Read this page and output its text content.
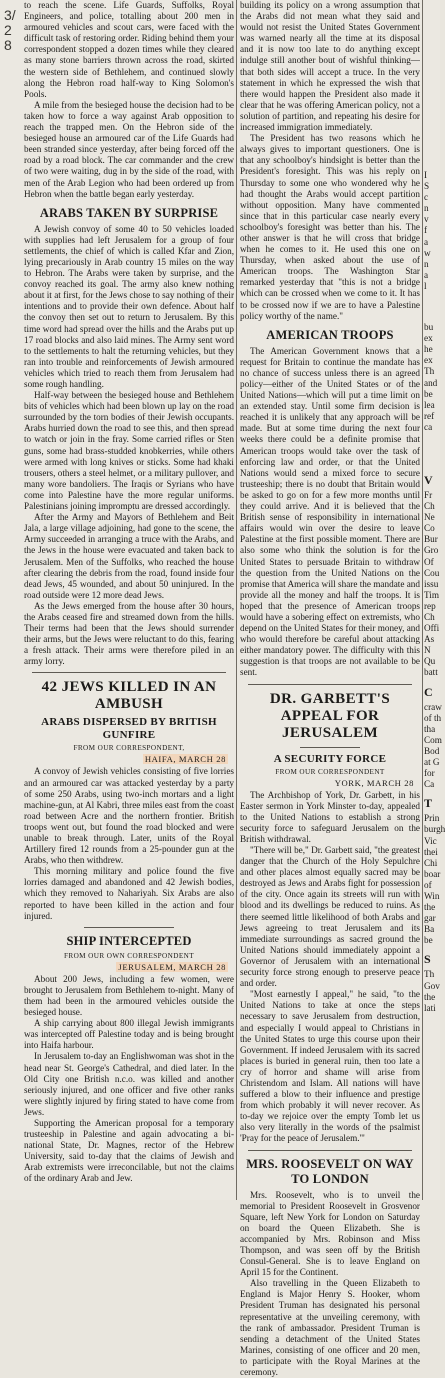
3/28

to reach the scene. Life Guards, Suffolks, Royal Engineers, and police, totalling about 200 men in armoured vehicles and scout cars, were faced with the difficult task of restoring order. Riding behind them your correspondent stopped a dozen times while they cleared as many stone barriers thrown across the road, skirted the western side of Bethlehem, and continued slowly along the Hebron road half-way to King Solomon's Pools.

A mile from the besieged house the decision had to be taken how to force a way against Arab opposition to reach the trapped men. On the Hebron side of the besieged house an armoured car of the Life Guards had been stranded since yesterday, after being forced off the road by a road block. The car commander and the crew of two were waiting, dug in by the side of the road, with men of the Arab Legion who had been ordered up from Hebron when the battle began early yesterday.

ARABS TAKEN BY SURPRISE

A Jewish convoy of some 40 to 50 vehicles loaded with supplies had left Jerusalem for a group of four settlements, the chief of which is called Kfar and Zion, lying precariously in Arab country 15 miles on the way to Hebron. The Arabs were taken by surprise, and the convoy reached its goal. The army also knew nothing about it at first, for the Jews chose to say nothing of their intentions and to provide their own defence. About half the convoy then set out to return to Jerusalem. By this time word had spread over the hills and the Arabs put up 17 road blocks and also laid mines. The Army sent word to the settlements to halt the returning vehicles, but they ran into trouble and reinforcements of Jewish armoured vehicles which tried to reach them from Jerusalem had some rough handling.

Half-way between the besieged house and Bethlehem bits of vehicles which had been blown up lay on the road surrounded by the torn bodies of their Jewish occupants. Arabs hurried down the road to see this, and then spread to watch or join in the fray. Some carried rifles or Sten guns, some had brass-studded knobkerries, while others were armed with long knives or sticks. Some had khaki trousers, others a steel helmet, or a military pullover, and many wore bandoliers. The Iraqis or Syrians who have come into Palestine have the more regular uniforms. Palestinians joining impromptu are dressed accordingly.

After the Army and Mayors of Bethlehem and Beit Jala, a large village adjoining, had gone to the scene, the Army succeeded in arranging a truce with the Arabs, and the Jews in the house were evacuated and taken back to Jerusalem. Men of the Suffolks, who reached the house after clearing the debris from the road, found inside four dead Jews, 45 wounded, and about 50 uninjured. In the road outside were 12 more dead Jews.

As the Jews emerged from the house after 30 hours, the Arabs ceased fire and streamed down from the hills. Their terms had been that the Jews should surrender their arms, but the Jews were reluctant to do this, fearing a fresh attack. Their arms were therefore piled in an army lorry.

42 JEWS KILLED IN AN AMBUSH
ARABS DISPERSED BY BRITISH GUNFIRE
FROM OUR CORRESPONDENT,
HAIFA, MARCH 28

A convoy of Jewish vehicles consisting of five lorries and an armoured car was attacked yesterday by a party of some 250 Arabs, using two-inch mortars and a light machine-gun, at Al Kabri, three miles east from the coast road between Acre and the northern frontier. British troops went out, but found the road blocked and were unable to break through. Later, units of the Royal Artillery fired 12 rounds from a 25-pounder gun at the Arabs, who then withdrew.

This morning military and police found the five lorries damaged and abandoned and 42 Jewish bodies, which they removed to Nahariyah. Six Arabs are also reported to have been killed in the action and four injured.

SHIP INTERCEPTED
FROM OUR OWN CORRESPONDENT
JERUSALEM, MARCH 28

About 200 Jews, including a few women, were brought to Jerusalem from Bethlehem to-night. Many of them had been in the armoured vehicles outside the besieged house.

A ship carrying about 800 illegal Jewish immigrants was intercepted off Palestine today and is being brought into Haifa harbour.

In Jerusalem to-day an Englishwoman was shot in the head near St. George's Cathedral, and died later. In the Old City one British n.c.o. was killed and another seriously injured, and one officer and five other ranks were slightly injured by firing stated to have come from Jews.

Supporting the American proposal for a temporary trusteeship in Palestine and again advocating a bi-national State, Dr. Magnes, rector of the Hebrew University, said to-day that the claims of Jewish and Arab extremists were irreconcilable, but not the claims of the ordinary Arab and Jew.

building its policy on a wrong assumption that the Arabs did not mean what they said and would not resist the United States Government was warned nearly all the time at its disposal and it is now too late to do anything except indulge still another bout of wishful thinking—that both sides will accept a truce. In the very statement in which he expressed the wish that there would happen the President also made it clear that he was offering American policy, not a solution of partition, and repeating his desire for increased immigration immediately.

The President has two reasons which he always gives to important questioners. One is that any schoolboy's hindsight is better than the President's foresight. This was his reply on Thursday to some one who wondered why he had thought the Arabs would accept partition without opposition. Many have commented since that in this particular case nearly every schoolboy's foresight was better than his. The other answer is that he will cross that bridge when he comes to it. He used this one on Thursday, when asked about the use of American troops. The Washington Star remarked yesterday that "this is not a bridge which can be crossed when we come to it. It has to be crossed now if we are to have a Palestine policy worthy of the name."

AMERICAN TROOPS

The American Government knows that a request for Britain to continue the mandate has no chance of success unless there is an agreed policy—either of the United States or of the United Nations—which will put a time limit on an extended stay. Until some firm decision is reached it is unlikely that any approach will be made. But at some time during the next four weeks there could be a definite promise that American troops would take over the task of enforcing law and order, or that the United Nations would send a mixed force to secure trusteeship; there is no doubt that Britain would be asked to go on for a few more months until they could arrive. And it is believed that the British sense of responsibility in international affairs would win over the desire to leave Palestine at the first possible moment. There are also some who think the solution is for the United States to persuade Britain to withdraw the question from the United Nations on the promise that America will share the mandate and provide all the money and half the troops. It is hoped that the presence of American troops would have a sobering effect on extremists, who depend on the United States for their money, and who would therefore be careful about attacking either mandatory power. The difficulty with this suggestion is that troops are not available to be sent.

DR. GARBETT'S APPEAL FOR JERUSALEM
A SECURITY FORCE
FROM OUR CORRESPONDENT
YORK, MARCH 28

The Archbishop of York, Dr. Garbett, in his Easter sermon in York Minster to-day, appealed to the United Nations to establish a strong security force to safeguard Jerusalem on the British withdrawal.

"There will be," Dr. Garbett said, "the greatest danger that the Church of the Holy Sepulchre and other places almost equally sacred may be destroyed as Jews and Arabs fight for possession of the city. Once again its streets will run with blood and its dwellings be reduced to ruins. As there seemed little likelihood of both Arabs and Jews agreeing to treat Jerusalem and its immediate surroundings as sacred ground the United Nations should immediately appoint a Governor of Jerusalem with an international security force strong enough to preserve peace and order.

"Most earnestly I appeal," he said, "to the United Nations to take at once the steps necessary to save Jerusalem from destruction, and especially I would appeal to Christians in the United States to urge this course upon their Government. If indeed Jerusalem with its sacred places is buried in general ruin, then too late a cry of horror and shame will arise from Christendom and Islam. All nations will have suffered a blow to their influence and prestige from which probably it will never recover. As to-day we rejoice over the empty Tomb let us also very literally in the words of the psalmist 'Pray for the peace of Jerusalem.'"

MRS. ROOSEVELT ON WAY TO LONDON

Mrs. Roosevelt, who is to unveil the memorial to President Roosevelt in Grosvenor Square, left New York for London on Saturday on board the Queen Elizabeth. She is accompanied by Mrs. Robinson and Miss Thompson, and was seen off by the British Consul-General. She is to leave England on April 15 for the Continent.

Also travelling in the Queen Elizabeth to England is Major Henry S. Hooker, whom President Truman has designated his personal representative at the unveiling ceremony, with the rank of ambassador. President Truman is sending a detachment of the United States Marines, consisting of one officer and 20 men, to participate with the Royal Marines at the ceremony.

I

S

c

n

v

f

a

w

n

a

l

bu

ex

he

ex

Th

and

be

lea

ref

ca

V

Fr

Ch

Ne

Co

Bur

Gro

Of

Cou

issu

Tim

rep

Ch

Offi

As

N

Qu

batt

C

craw

of th

tha

Com

Bod

at G

for

Ca

T

Prin

burgh

Vic

thei

Chi

boar

of

Win

the

gar

Ba

be

S

Th

Gov

the

lati
